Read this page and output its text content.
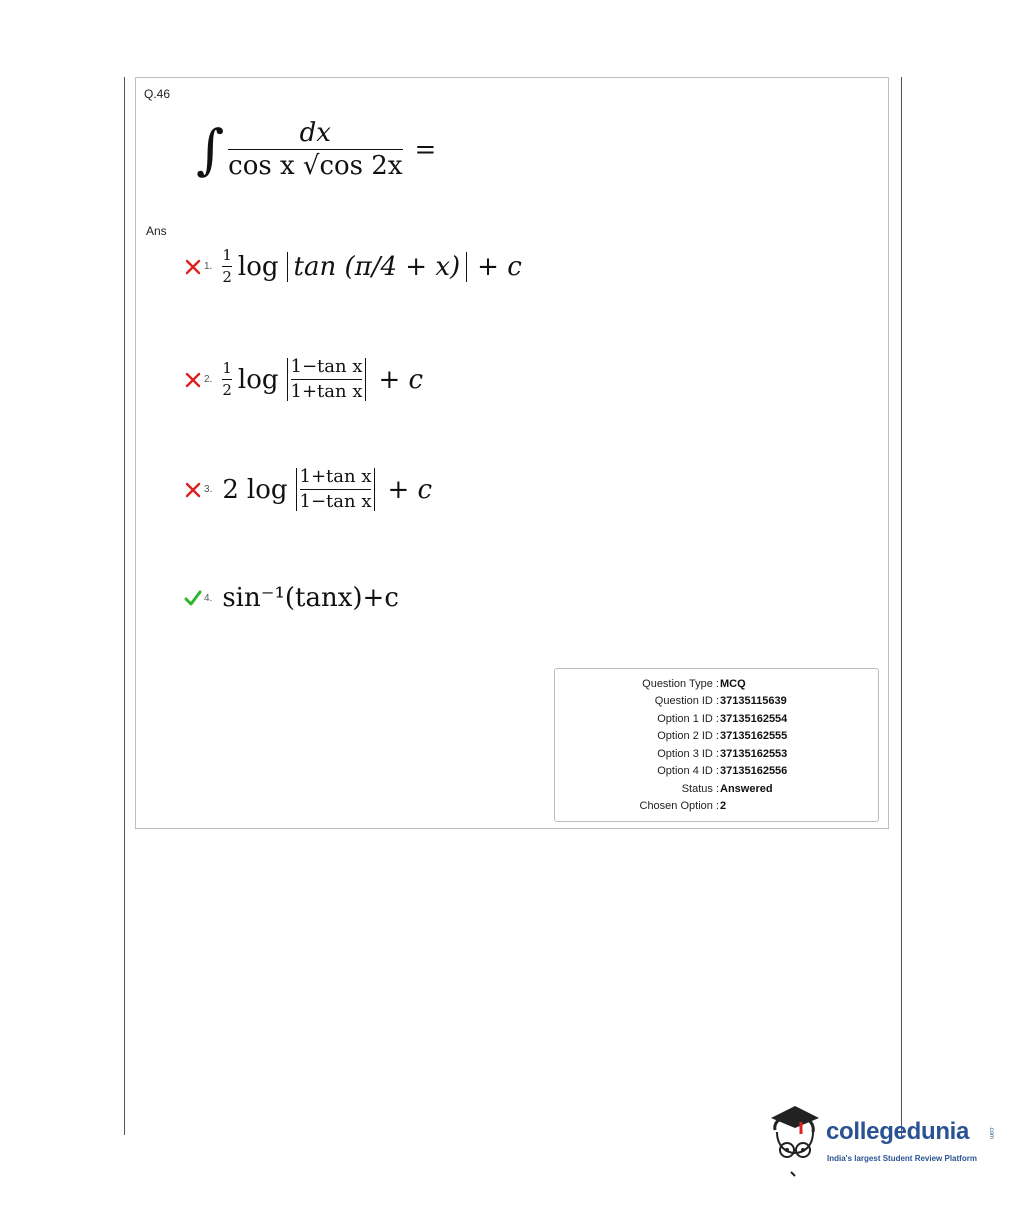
Q.46
∫ $\frac{dx}{\text{cos x √cos 2x}}$ =
Ans
1. $\frac{1}{2}$ log tan (π/4 + x) + c
2. $\frac{1}{2}$ $\log \frac{\text{1−tan x}}{\text{1+tan x}} + c$
3. 2 $\log \frac{\text{1+tan x}}{\text{1−tan x}} + c$
4. sin⁻¹(tanx)+c
Question Type : MCQ
Question ID : 37135115639
Option 1 ID : 37135162554
Option 2 ID : 37135162555
Option 3 ID : 37135162553
Option 4 ID : 37135162556
Status : Answered
Chosen Option : 2
collegedunia	.com
India's largest Student Review Platform
